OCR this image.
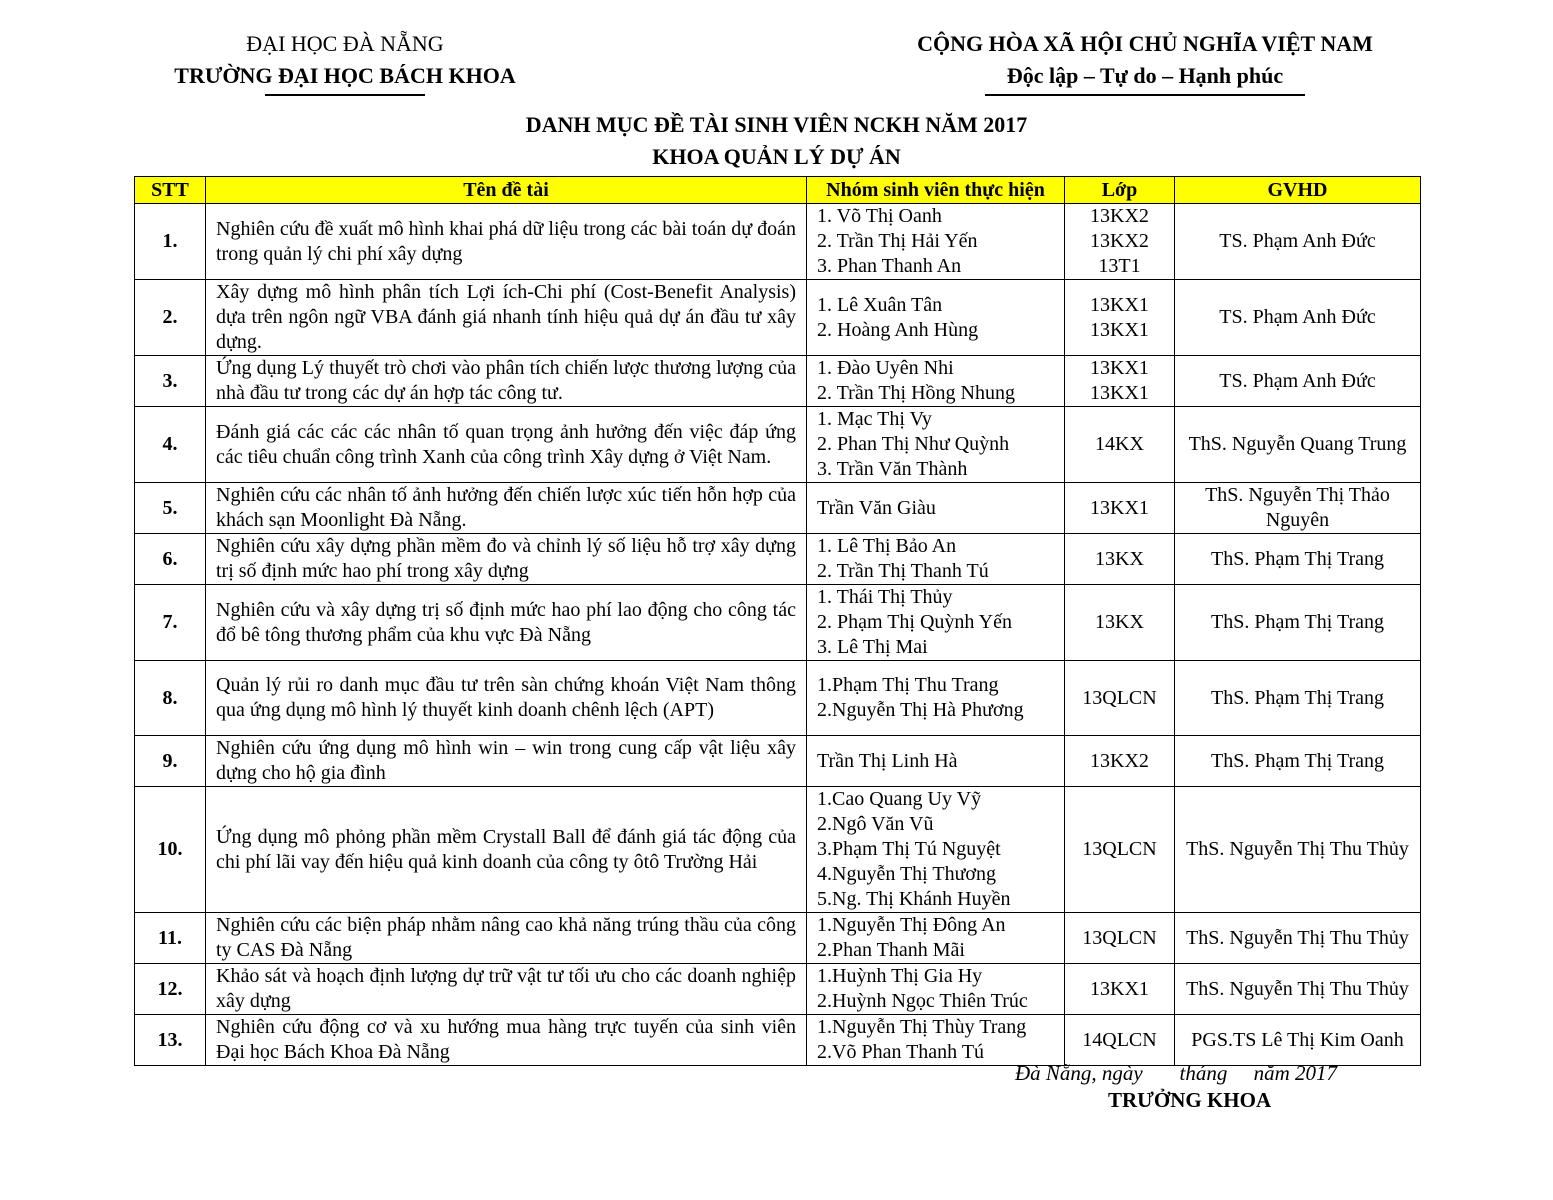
ĐẠI HỌC ĐÀ NẴNG
TRƯỜNG ĐẠI HỌC BÁCH KHOA
CỘNG HÒA XÃ HỘI CHỦ NGHĨA VIỆT NAM
Độc lập – Tự do – Hạnh phúc
DANH MỤC ĐỀ TÀI SINH VIÊN NCKH NĂM 2017
KHOA QUẢN LÝ DỰ ÁN
STT	Tên đề tài	Nhóm sinh viên thực hiện	Lớp	GVHD
1.	Nghiên cứu đề xuất mô hình khai phá dữ liệu trong các bài toán dự đoán trong quản lý chi phí xây dựng	1. Võ Thị Oanh
2. Trần Thị Hải Yến
3. Phan Thanh An	13KX2
13KX2
13T1	TS. Phạm Anh Đức
2.	Xây dựng mô hình phân tích Lợi ích-Chi phí (Cost-Benefit Analysis) dựa trên ngôn ngữ VBA đánh giá nhanh tính hiệu quả dự án đầu tư xây dựng.	1. Lê Xuân Tân
2. Hoàng Anh Hùng	13KX1
13KX1	TS. Phạm Anh Đức
3.	Ứng dụng Lý thuyết trò chơi vào phân tích chiến lược thương lượng của nhà đầu tư trong các dự án hợp tác công tư.	1. Đào Uyên Nhi
2. Trần Thị Hồng Nhung	13KX1
13KX1	TS. Phạm Anh Đức
4.	Đánh giá các các các nhân tố quan trọng ảnh hưởng đến việc đáp ứng các tiêu chuẩn công trình Xanh của công trình Xây dựng ở Việt Nam.	1. Mạc Thị Vy
2. Phan Thị Như Quỳnh
3. Trần Văn Thành	14KX	ThS. Nguyễn Quang Trung
5.	Nghiên cứu các nhân tố ảnh hưởng đến chiến lược xúc tiến hỗn hợp của khách sạn Moonlight Đà Nẵng.	Trần Văn Giàu	13KX1	ThS. Nguyễn Thị Thảo Nguyên
6.	Nghiên cứu xây dựng phần mềm đo và chỉnh lý số liệu hỗ trợ xây dựng trị số định mức hao phí trong xây dựng	1. Lê Thị Bảo An
2. Trần Thị Thanh Tú	13KX	ThS. Phạm Thị Trang
7.	Nghiên cứu và xây dựng trị số định mức hao phí lao động cho công tác đổ bê tông thương phẩm của khu vực Đà Nẵng	1. Thái Thị Thủy
2. Phạm Thị Quỳnh Yến
3. Lê Thị Mai	13KX	ThS. Phạm Thị Trang
8.	Quản lý rủi ro danh mục đầu tư trên sàn chứng khoán Việt Nam thông qua ứng dụng mô hình lý thuyết kinh doanh chênh lệch (APT)	1.Phạm Thị Thu Trang
2.Nguyễn Thị Hà Phương	13QLCN	ThS. Phạm Thị Trang
9.	Nghiên cứu ứng dụng mô hình win – win trong cung cấp vật liệu xây dựng cho hộ gia đình	Trần Thị Linh Hà	13KX2	ThS. Phạm Thị Trang
10.	Ứng dụng mô phỏng phần mềm Crystall Ball để đánh giá tác động của chi phí lãi vay đến hiệu quả kinh doanh của công ty ôtô Trường Hải	1.Cao Quang Uy Vỹ
2.Ngô Văn Vũ
3.Phạm Thị Tú Nguyệt
4.Nguyễn Thị Thương
5.Ng. Thị Khánh Huyền	13QLCN	ThS. Nguyễn Thị Thu Thủy
11.	Nghiên cứu các biện pháp nhằm nâng cao khả năng trúng thầu của công ty CAS Đà Nẵng	1.Nguyễn Thị Đông An
2.Phan Thanh Mãi	13QLCN	ThS. Nguyễn Thị Thu Thủy
12.	Khảo sát và hoạch định lượng dự trữ vật tư tối ưu cho các doanh nghiệp xây dựng	1.Huỳnh Thị Gia Hy
2.Huỳnh Ngọc Thiên Trúc	13KX1	ThS. Nguyễn Thị Thu Thủy
13.	Nghiên cứu động cơ và xu hướng mua hàng trực tuyến của sinh viên Đại học Bách Khoa Đà Nẵng	1.Nguyễn Thị Thùy Trang
2.Võ Phan Thanh Tú	14QLCN	PGS.TS Lê Thị Kim Oanh
Đà Nẵng, ngày       tháng     năm 2017
TRƯỞNG KHOA
